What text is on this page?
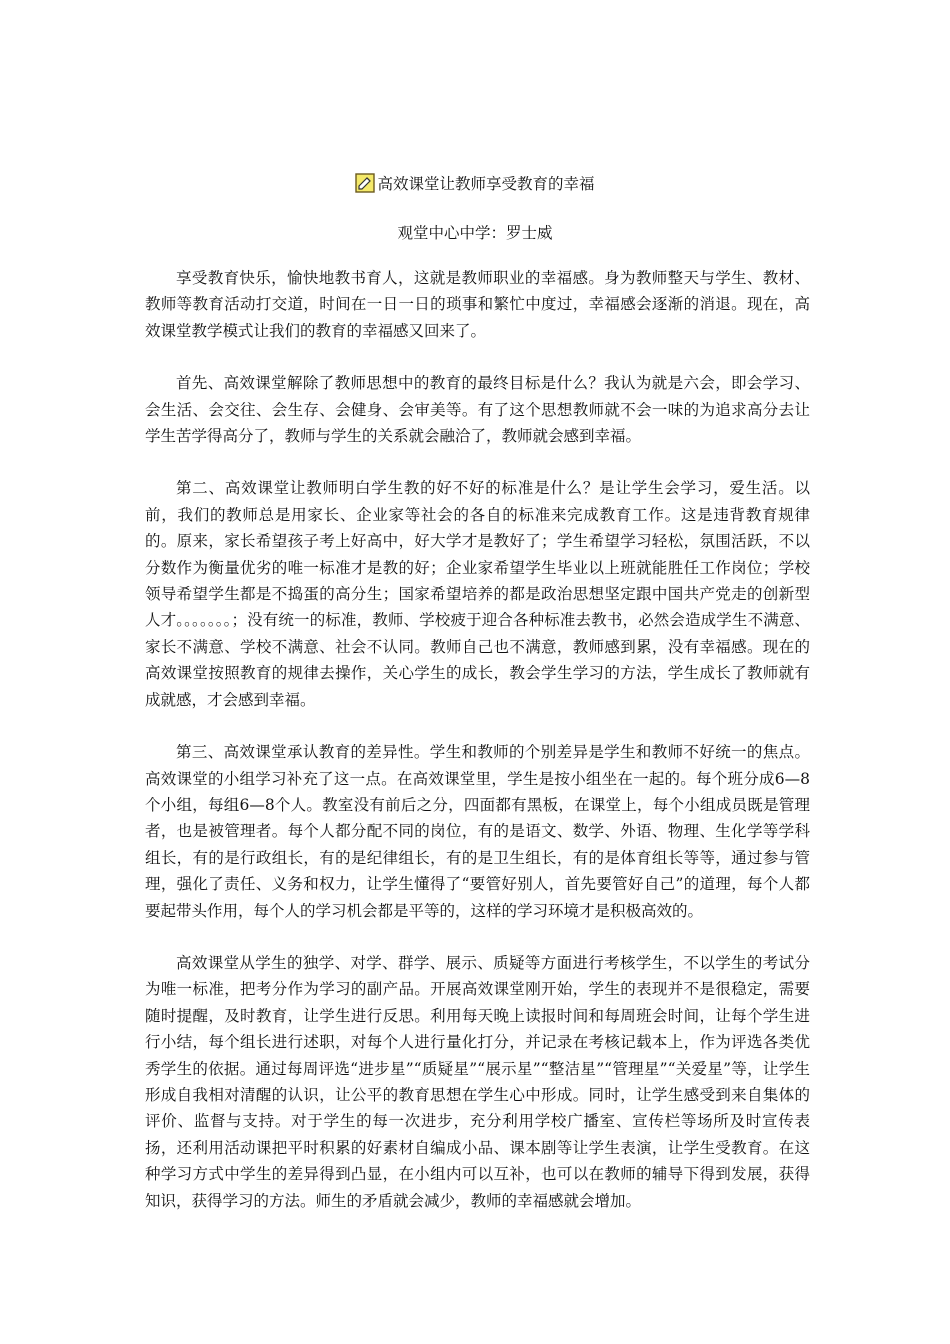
高效课堂让教师享受教育的幸福
观堂中心中学：罗士威

享受教育快乐，愉快地教书育人，这就是教师职业的幸福感。身为教师整天与学生、教材、教师等教育活动打交道，时间在一日一日的琐事和繁忙中度过，幸福感会逐渐的消退。现在，高效课堂教学模式让我们的教育的幸福感又回来了。

首先、高效课堂解除了教师思想中的教育的最终目标是什么？我认为就是六会，即会学习、会生活、会交往、会生存、会健身、会审美等。有了这个思想教师就不会一味的为追求高分去让学生苦学得高分了，教师与学生的关系就会融洽了，教师就会感到幸福。

第二、高效课堂让教师明白学生教的好不好的标准是什么？是让学生会学习，爱生活。以前，我们的教师总是用家长、企业家等社会的各自的标准来完成教育工作。这是违背教育规律的。原来，家长希望孩子考上好高中，好大学才是教好了；学生希望学习轻松，氛围活跃，不以分数作为衡量优劣的唯一标准才是教的好；企业家希望学生毕业以上班就能胜任工作岗位；学校领导希望学生都是不捣蛋的高分生；国家希望培养的都是政治思想坚定跟中国共产党走的创新型人才。。。。。。。；没有统一的标准，教师、学校疲于迎合各种标准去教书，必然会造成学生不满意、家长不满意、学校不满意、社会不认同。教师自己也不满意，教师感到累，没有幸福感。现在的高效课堂按照教育的规律去操作，关心学生的成长，教会学生学习的方法，学生成长了教师就有成就感，才会感到幸福。

第三、高效课堂承认教育的差异性。学生和教师的个别差异是学生和教师不好统一的焦点。高效课堂的小组学习补充了这一点。在高效课堂里，学生是按小组坐在一起的。每个班分成6—8个小组，每组6—8个人。教室没有前后之分，四面都有黑板，在课堂上，每个小组成员既是管理者，也是被管理者。每个人都分配不同的岗位，有的是语文、数学、外语、物理、生化学等学科组长，有的是行政组长，有的是纪律组长，有的是卫生组长，有的是体育组长等等，通过参与管理，强化了责任、义务和权力，让学生懂得了“要管好别人，首先要管好自己”的道理，每个人都要起带头作用，每个人的学习机会都是平等的，这样的学习环境才是积极高效的。

高效课堂从学生的独学、对学、群学、展示、质疑等方面进行考核学生，不以学生的考试分为唯一标准，把考分作为学习的副产品。开展高效课堂刚开始，学生的表现并不是很稳定，需要随时提醒，及时教育，让学生进行反思。利用每天晚上读报时间和每周班会时间，让每个学生进行小结，每个组长进行述职，对每个人进行量化打分，并记录在考核记载本上，作为评选各类优秀学生的依据。通过每周评选“进步星”“质疑星”“展示星”“整洁星”“管理星”“关爱星”等，让学生形成自我相对清醒的认识，让公平的教育思想在学生心中形成。同时，让学生感受到来自集体的评价、监督与支持。对于学生的每一次进步，充分利用学校广播室、宣传栏等场所及时宣传表扬，还利用活动课把平时积累的好素材自编成小品、课本剧等让学生表演，让学生受教育。在这种学习方式中学生的差异得到凸显，在小组内可以互补，也可以在教师的辅导下得到发展，获得知识，获得学习的方法。师生的矛盾就会减少，教师的幸福感就会增加。
